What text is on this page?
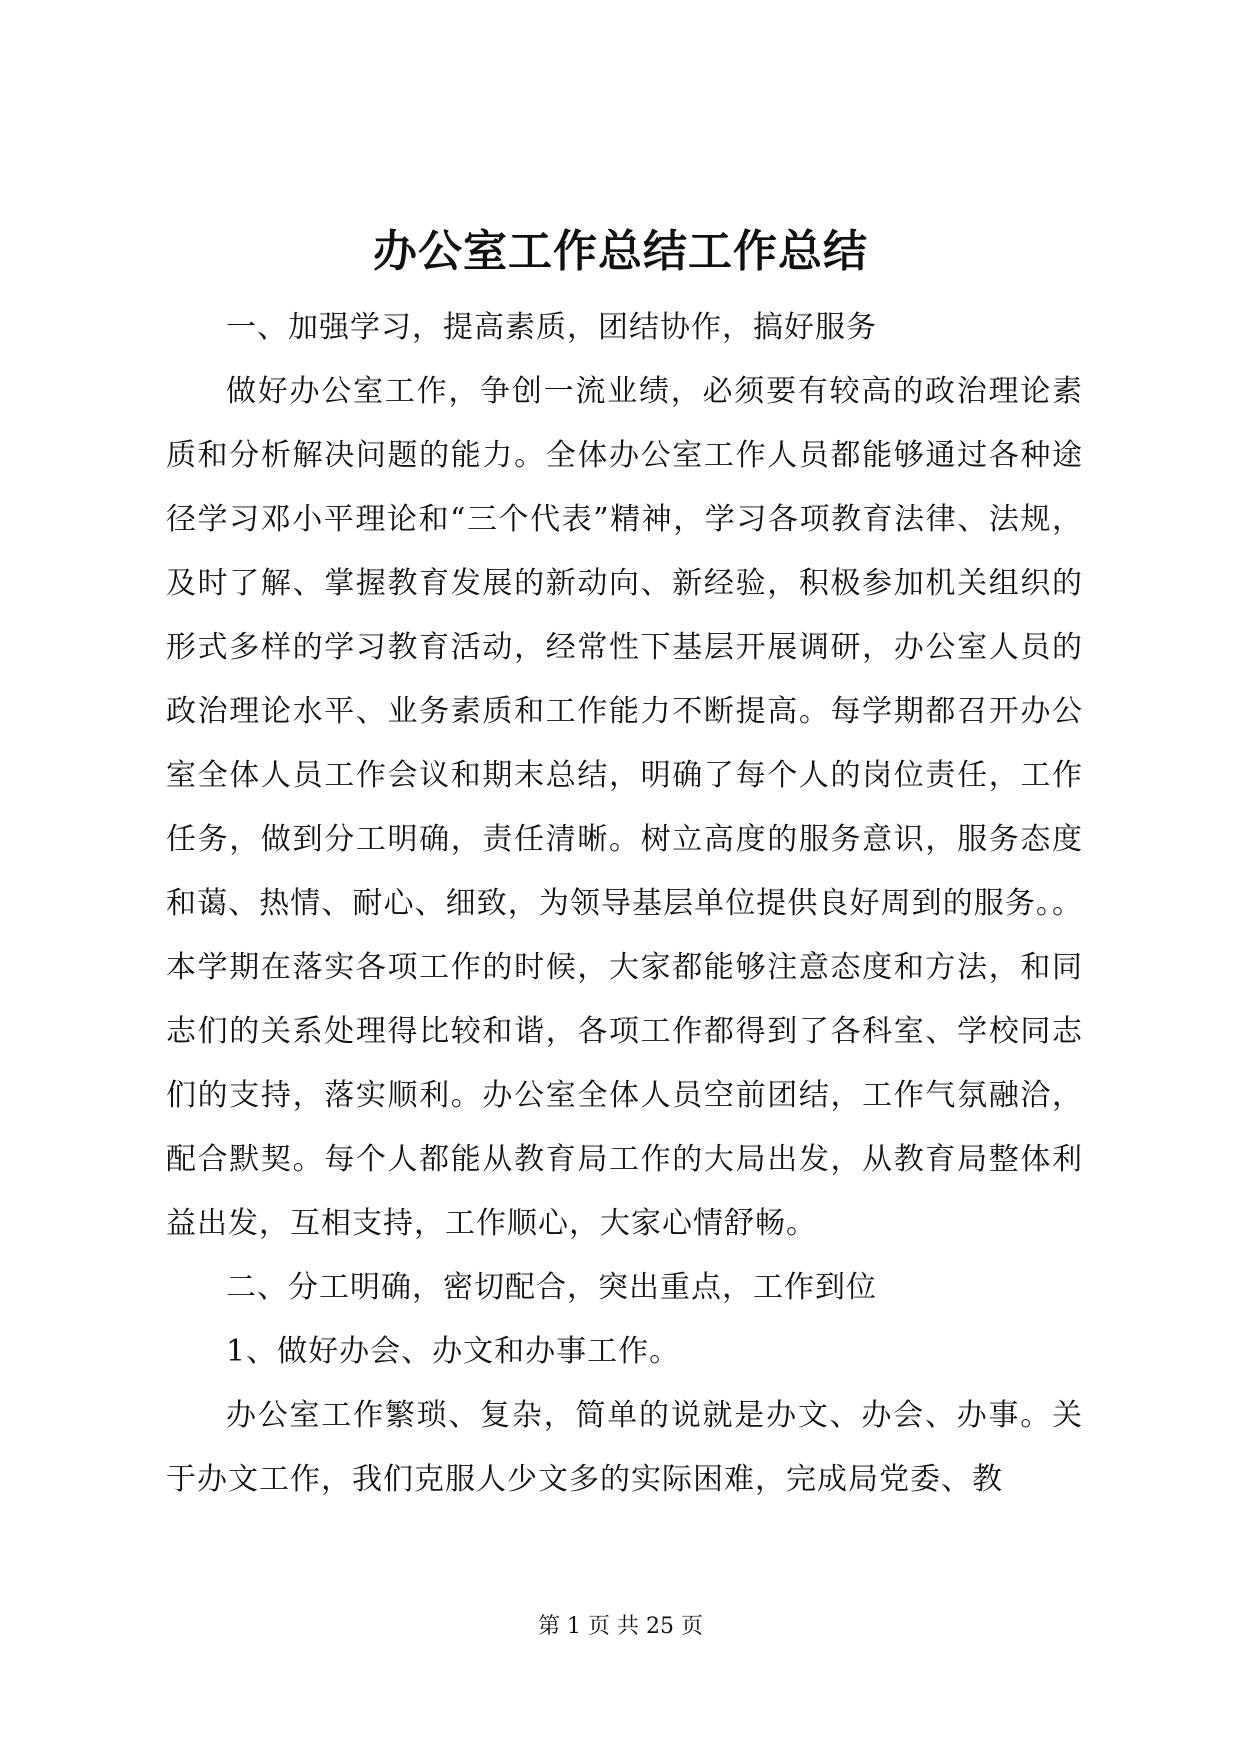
办公室工作总结工作总结

一、加强学习，提高素质，团结协作，搞好服务

做好办公室工作，争创一流业绩，必须要有较高的政治理论素质和分析解决问题的能力。全体办公室工作人员都能够通过各种途径学习邓小平理论和“三个代表”精神，学习各项教育法律、法规，及时了解、掌握教育发展的新动向、新经验，积极参加机关组织的形式多样的学习教育活动，经常性下基层开展调研，办公室人员的政治理论水平、业务素质和工作能力不断提高。每学期都召开办公室全体人员工作会议和期末总结，明确了每个人的岗位责任，工作任务，做到分工明确，责任清晰。树立高度的服务意识，服务态度和蔼、热情、耐心、细致，为领导基层单位提供良好周到的服务。。本学期在落实各项工作的时候，大家都能够注意态度和方法，和同志们的关系处理得比较和谐，各项工作都得到了各科室、学校同志们的支持，落实顺利。办公室全体人员空前团结，工作气氛融洽，配合默契。每个人都能从教育局工作的大局出发，从教育局整体利益出发，互相支持，工作顺心，大家心情舒畅。

二、分工明确，密切配合，突出重点，工作到位

1、做好办会、办文和办事工作。

办公室工作繁琐、复杂，简单的说就是办文、办会、办事。关于办文工作，我们克服人少文多的实际困难，完成局党委、教

第 1 页 共 25 页
